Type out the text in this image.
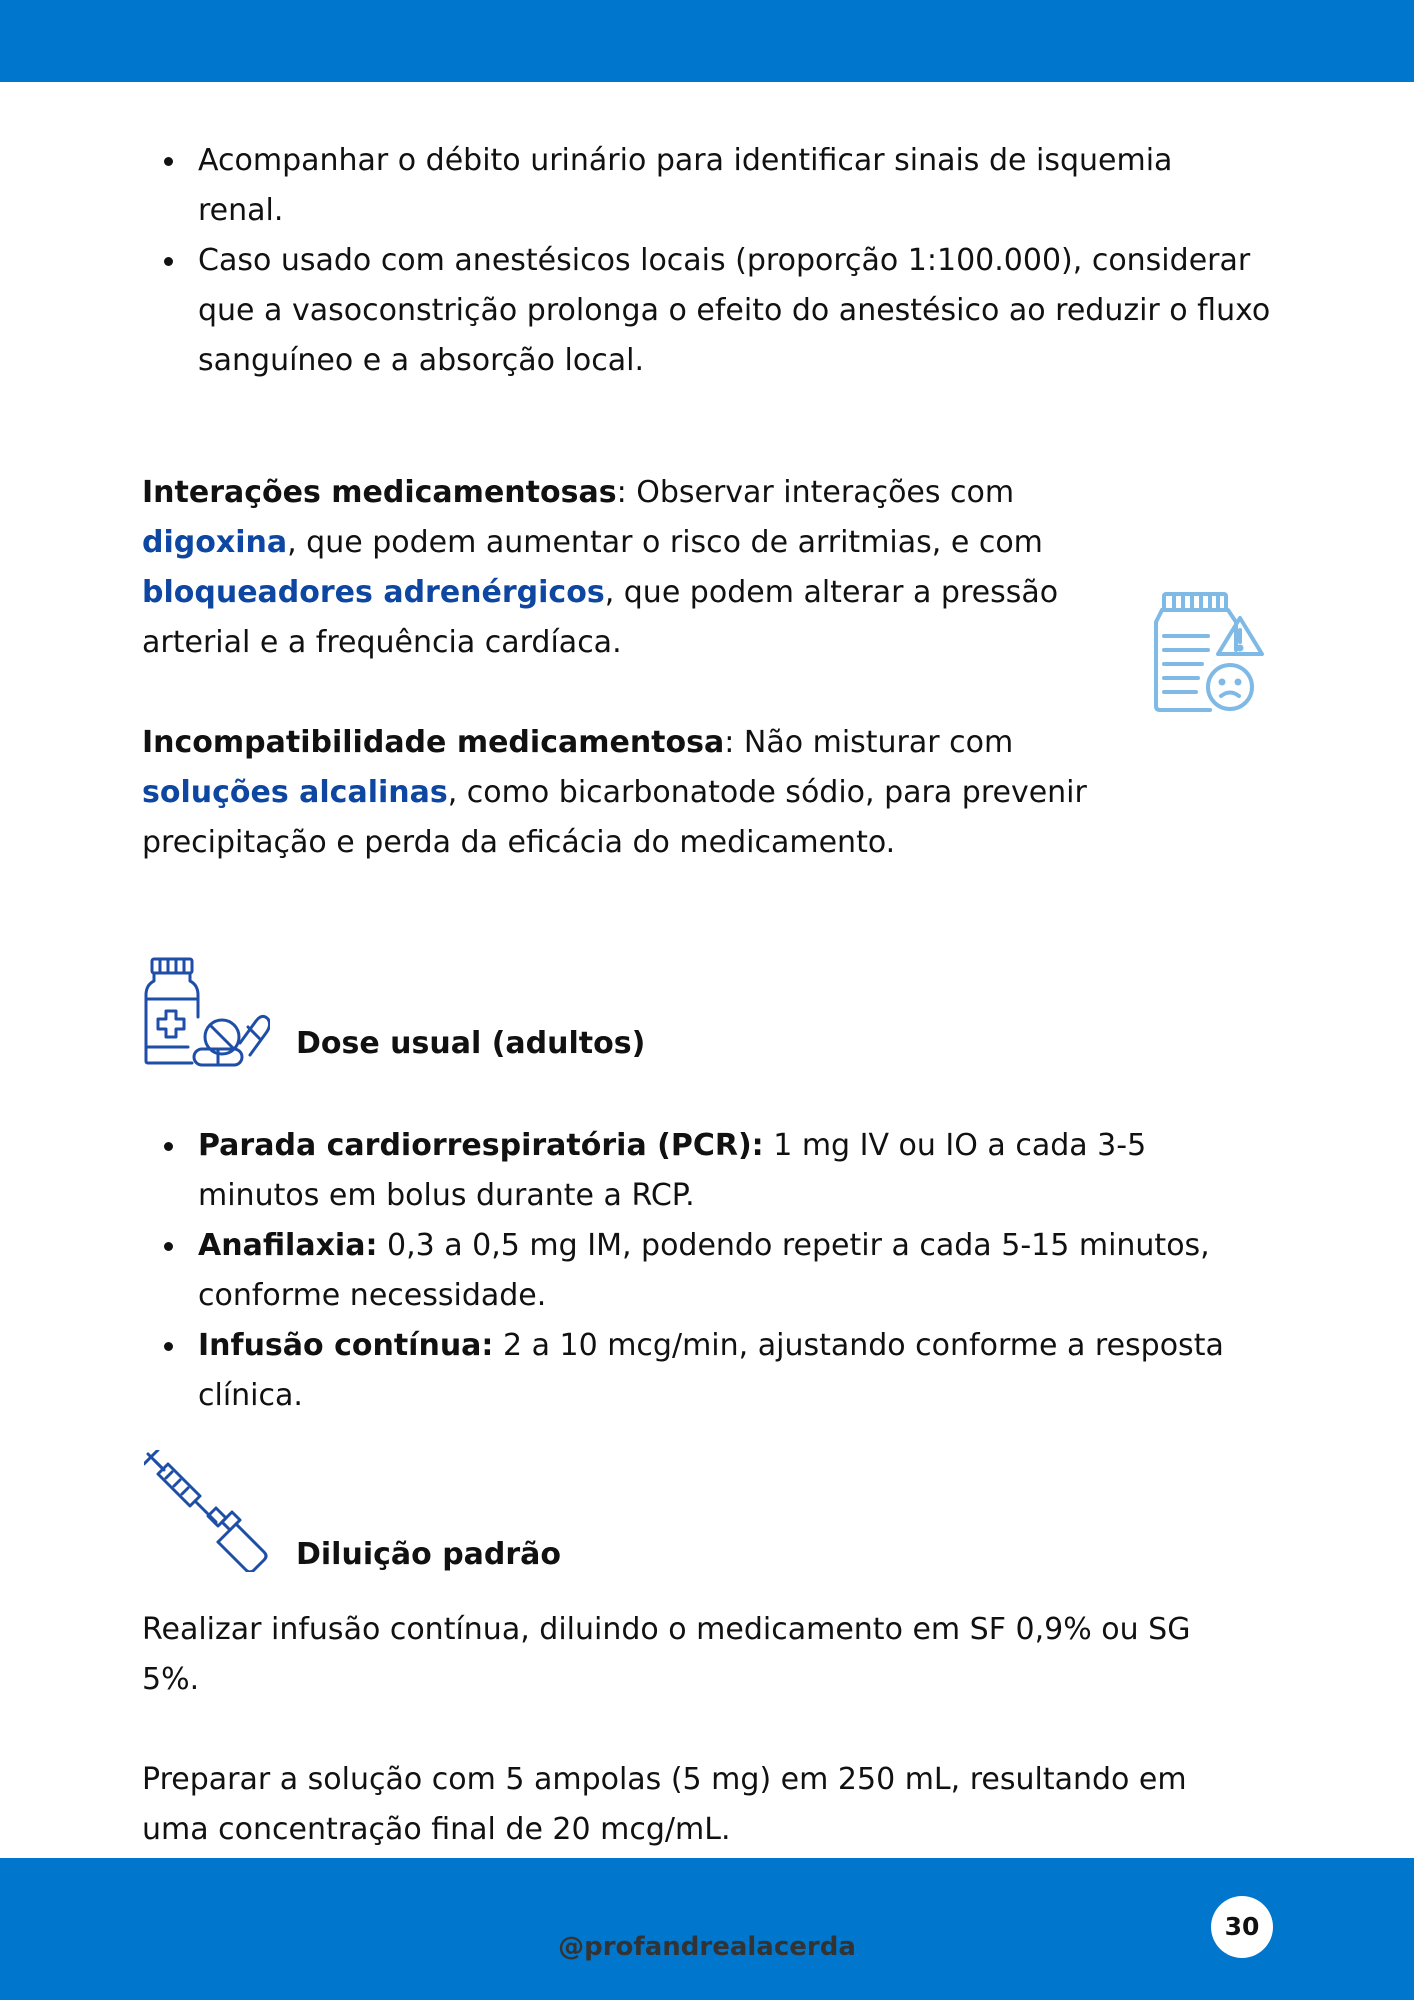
Acompanhar o débito urinário para identificar sinais de isquemia renal.
Caso usado com anestésicos locais (proporção 1:100.000), considerar que a vasoconstrição prolonga o efeito do anestésico ao reduzir o fluxo sanguíneo e a absorção local.

Interações medicamentosas: Observar interações com digoxina, que podem aumentar o risco de arritmias, e com bloqueadores adrenérgicos, que podem alterar a pressão arterial e a frequência cardíaca.

Incompatibilidade medicamentosa: Não misturar com soluções alcalinas, como bicarbonatode sódio, para prevenir precipitação e perda da eficácia do medicamento.

Dose usual (adultos)
Parada cardiorrespiratória (PCR): 1 mg IV ou IO a cada 3-5 minutos em bolus durante a RCP.
Anafilaxia: 0,3 a 0,5 mg IM, podendo repetir a cada 5-15 minutos, conforme necessidade.
Infusão contínua: 2 a 10 mcg/min, ajustando conforme a resposta clínica.
Diluição padrão

Realizar infusão contínua, diluindo o medicamento em SF 0,9% ou SG 5%.

Preparar a solução com 5 ampolas (5 mg) em 250 mL, resultando em uma concentração final de 20 mcg/mL.

@profandrealacerda
30
